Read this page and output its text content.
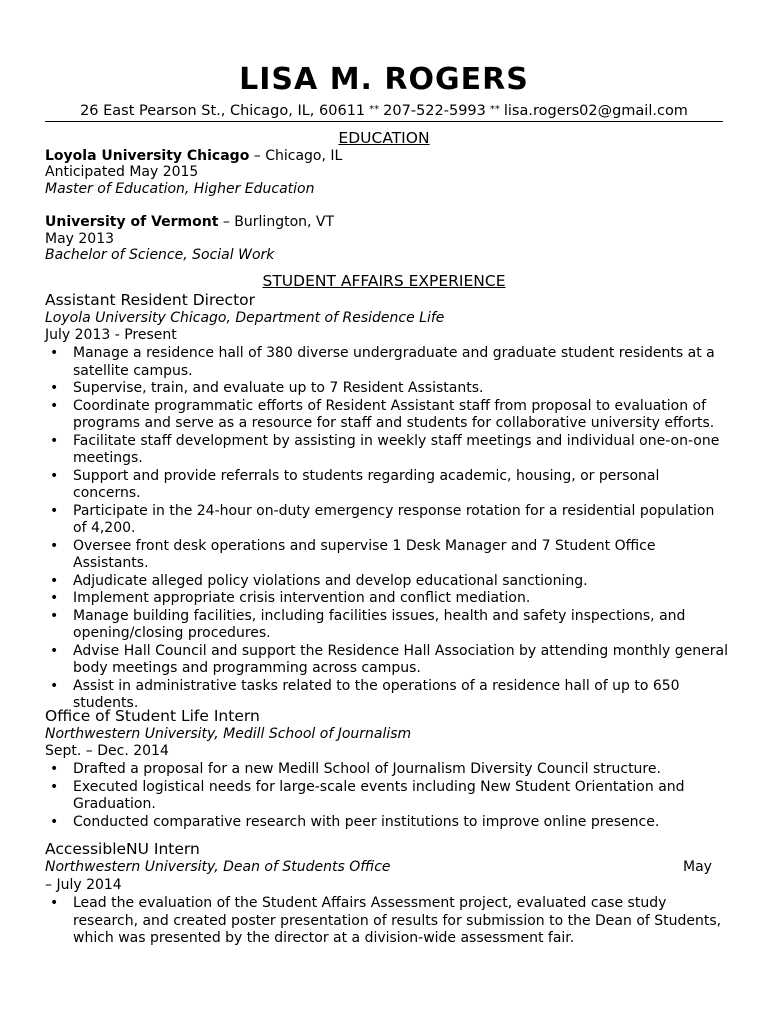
LISA M. ROGERS
26 East Pearson St., Chicago, IL, 60611 ** 207-522-5993 ** lisa.rogers02@gmail.com
EDUCATION
Loyola University Chicago – Chicago, IL
Anticipated May 2015
Master of Education, Higher Education
University of Vermont – Burlington, VT
May 2013
Bachelor of Science, Social Work
STUDENT AFFAIRS EXPERIENCE
Assistant Resident Director
Loyola University Chicago, Department of Residence Life
July 2013 - Present
• Manage a residence hall of 380 diverse undergraduate and graduate student residents at a satellite campus.
• Supervise, train, and evaluate up to 7 Resident Assistants.
• Coordinate programmatic efforts of Resident Assistant staff from proposal to evaluation of programs and serve as a resource for staff and students for collaborative university efforts.
• Facilitate staff development by assisting in weekly staff meetings and individual one-on-one meetings.
• Support and provide referrals to students regarding academic, housing, or personal concerns.
• Participate in the 24-hour on-duty emergency response rotation for a residential population of 4,200.
• Oversee front desk operations and supervise 1 Desk Manager and 7 Student Office Assistants.
• Adjudicate alleged policy violations and develop educational sanctioning.
• Implement appropriate crisis intervention and conflict mediation.
• Manage building facilities, including facilities issues, health and safety inspections, and opening/closing procedures.
• Advise Hall Council and support the Residence Hall Association by attending monthly general body meetings and programming across campus.
• Assist in administrative tasks related to the operations of a residence hall of up to 650 students.
Office of Student Life Intern
Northwestern University, Medill School of Journalism
Sept. – Dec. 2014
• Drafted a proposal for a new Medill School of Journalism Diversity Council structure.
• Executed logistical needs for large-scale events including New Student Orientation and Graduation.
• Conducted comparative research with peer institutions to improve online presence.
AccessibleNU Intern
Northwestern University, Dean of Students Office	May
– July 2014
• Lead the evaluation of the Student Affairs Assessment project, evaluated case study research, and created poster presentation of results for submission to the Dean of Students, which was presented by the director at a division-wide assessment fair.
